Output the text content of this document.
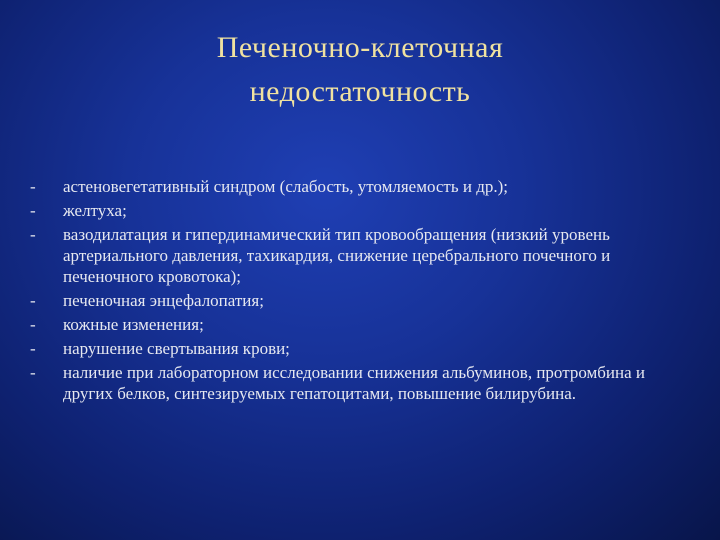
Печеночно-клеточная
недостаточность
-	астеновегетативный синдром (слабость, утомляемость и др.);
-	желтуха;
-	вазодилатация и гипердинамический тип кровообращения (низкий уровень артериального давления, тахикардия, снижение церебрального почечного и печеночного кровотока);
-	печеночная энцефалопатия;
-	кожные изменения;
-	нарушение свертывания крови;
-	наличие при лабораторном исследовании снижения альбуминов, протромбина и других белков, синтезируемых гепатоцитами, повышение билирубина.
